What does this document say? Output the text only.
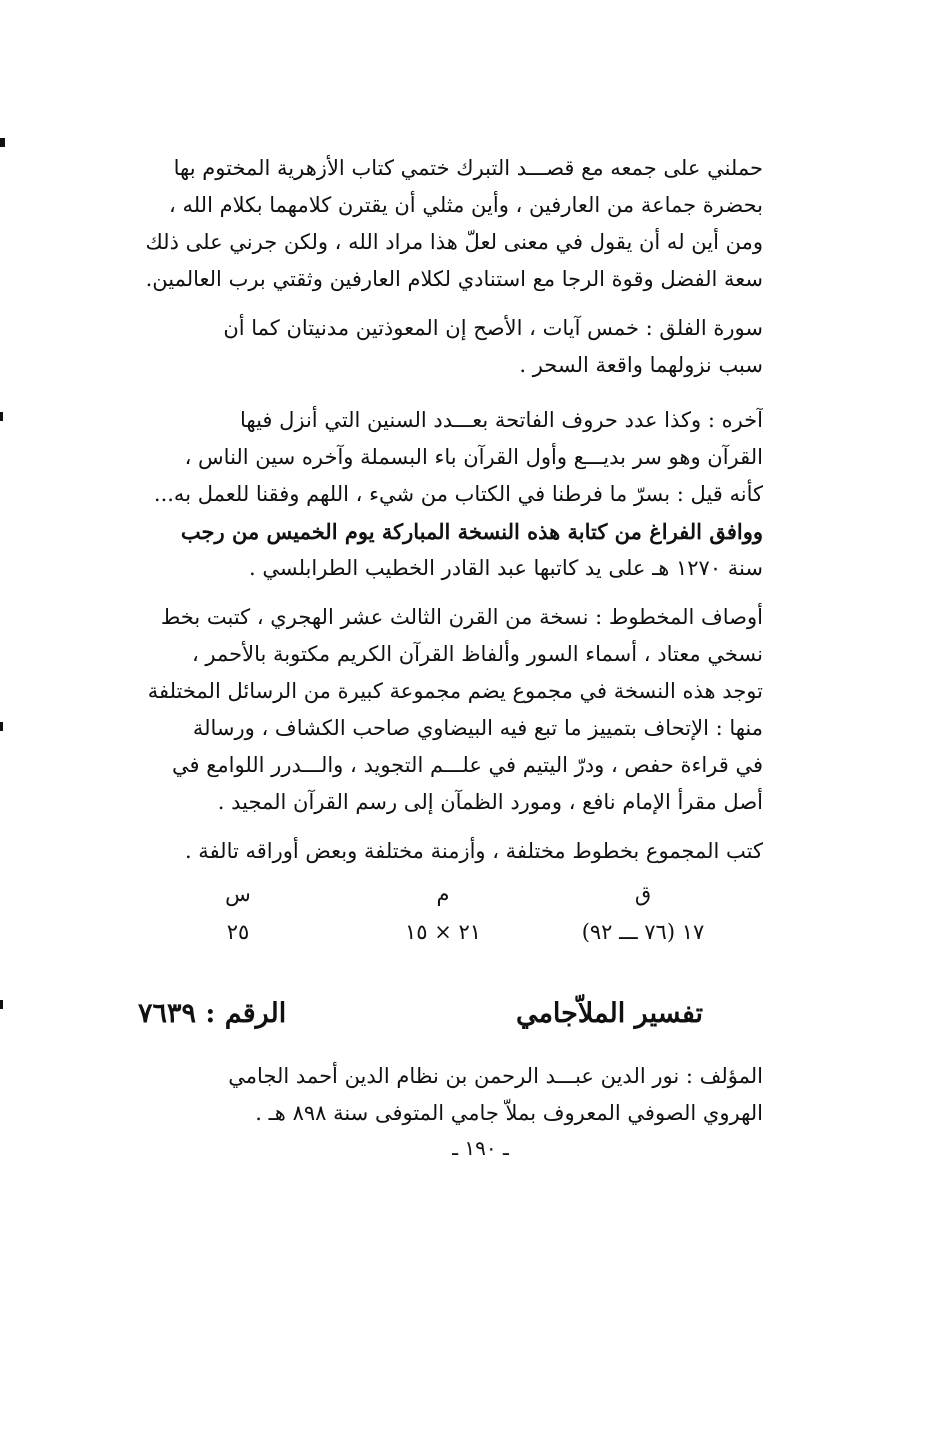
حملني على جمعه مع قصـــد التبرك ختمي كتاب الأزهرية المختوم بها
بحضرة جماعة من العارفين ، وأين مثلي أن يقترن كلامهما بكلام الله ،
ومن أين له أن يقول في معنى لعلّ هذا مراد الله ، ولكن جرني على ذلك
سعة الفضل وقوة الرجا مع استنادي لكلام العارفين وثقتي برب العالمين.
سورة الفلق : خمس آيات ، الأصح إن المعوذتين مدنيتان كما أن
سبب نزولهما واقعة السحر .
آخره : وكذا عدد حروف الفاتحة بعـــدد السنين التي أنزل فيها
القرآن وهو سر بديـــع وأول القرآن باء البسملة وآخره سين الناس ،
كأنه قيل : بسرّ ما فرطنا في الكتاب من شيء ، اللهم وفقنا للعمل به...
ووافق الفراغ من كتابة هذه النسخة المباركة يوم الخميس من رجب
سنة ١٢٧٠ هـ على يد كاتبها عبد القادر الخطيب الطرابلسي .
أوصاف المخطوط : نسخة من القرن الثالث عشر الهجري ، كتبت بخط
نسخي معتاد ، أسماء السور وألفاظ القرآن الكريم مكتوبة بالأحمر ،
توجد هذه النسخة في مجموع يضم مجموعة كبيرة من الرسائل المختلفة
منها : الإتحاف بتمييز ما تبع فيه البيضاوي صاحب الكشاف ، ورسالة
في قراءة حفص ، ودرّ اليتيم في علـــم التجويد ، والـــدرر اللوامع في
أصل مقرأ الإمام نافع ، ومورد الظمآن إلى رسم القرآن المجيد .
كتب المجموع بخطوط مختلفة ، وأزمنة مختلفة وبعض أوراقه تالفة .
ق
م
س
١٧ (٧٦ ـــ ٩٢)
٢١ × ١٥
٢٥
تفسير الملاّجامي
الرقم : ٧٦٣٩
المؤلف : نور الدين عبـــد الرحمن بن نظام الدين أحمد الجامي
الهروي الصوفي المعروف بملاّ جامي المتوفى سنة ٨٩٨ هـ .
ـ ١٩٠ ـ
